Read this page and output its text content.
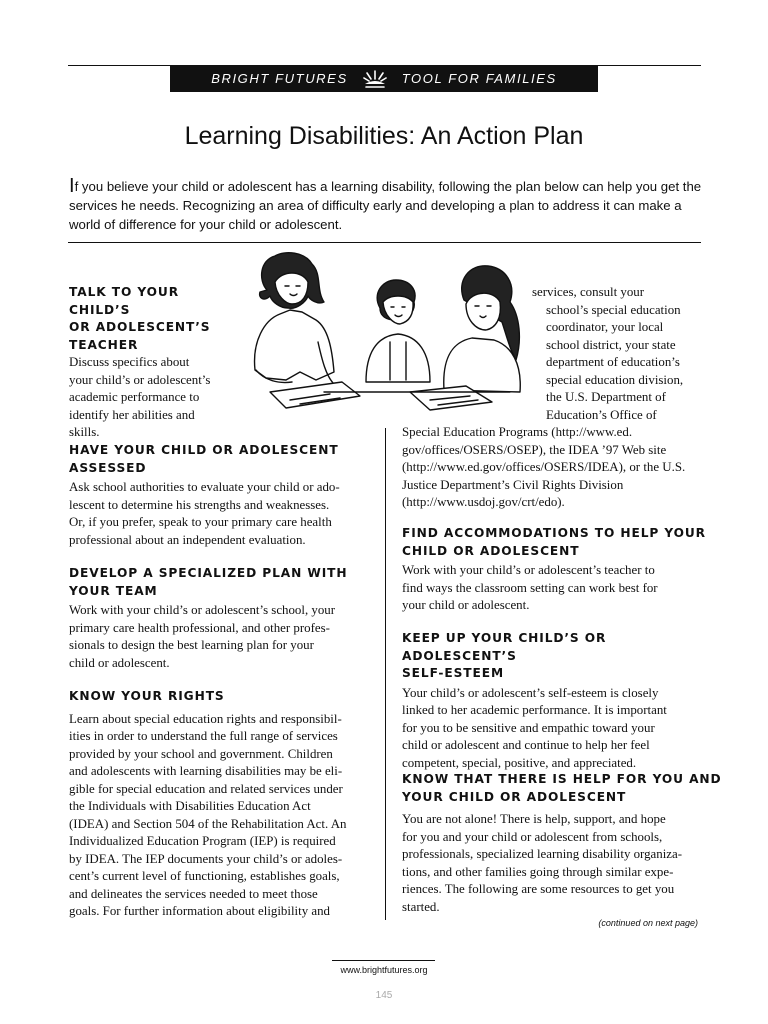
BRIGHT FUTURES	TOOL FOR FAMILIES
Learning Disabilities: An Action Plan
If you believe your child or adolescent has a learning disability, following the plan below can help you get the services he needs. Recognizing an area of difficulty early and developing a plan to address it can make a world of difference for your child or adolescent.

TALK TO YOUR CHILD’S
OR ADOLESCENT’S
TEACHER

Discuss specifics about
your child’s or adolescent’s
academic performance to
identify her abilities and
skills.

HAVE YOUR CHILD OR ADOLESCENT
ASSESSED

Ask school authorities to evaluate your child or ado-
lescent to determine his strengths and weaknesses.
Or, if you prefer, speak to your primary care health
professional about an independent evaluation.

DEVELOP A SPECIALIZED PLAN WITH
YOUR TEAM

Work with your child’s or adolescent’s school, your
primary care health professional, and other profes-
sionals to design the best learning plan for your
child or adolescent.

KNOW YOUR RIGHTS

Learn about special education rights and responsibil-
ities in order to understand the full range of services
provided by your school and government. Children
and adolescents with learning disabilities may be eli-
gible for special education and related services under
the Individuals with Disabilities Education Act
(IDEA) and Section 504 of the Rehabilitation Act. An
Individualized Education Program (IEP) is required
by IDEA. The IEP documents your child’s or adoles-
cent’s current level of functioning, establishes goals,
and delineates the services needed to meet those
goals. For further information about eligibility and

services, consult your
school’s special education
coordinator, your local
school district, your state
department of education’s
special education division,
the U.S. Department of
Education’s Office of

Special Education Programs (http://www.ed.
gov/offices/OSERS/OSEP), the IDEA ’97 Web site
(http://www.ed.gov/offices/OSERS/IDEA), or the U.S.
Justice Department’s Civil Rights Division
(http://www.usdoj.gov/crt/edo).

FIND ACCOMMODATIONS TO HELP YOUR
CHILD OR ADOLESCENT

Work with your child’s or adolescent’s teacher to
find ways the classroom setting can work best for
your child or adolescent.

KEEP UP YOUR CHILD’S OR ADOLESCENT’S
SELF-ESTEEM

Your child’s or adolescent’s self-esteem is closely
linked to her academic performance. It is important
for you to be sensitive and empathic toward your
child or adolescent and continue to help her feel
competent, special, positive, and appreciated.

KNOW THAT THERE IS HELP FOR YOU AND
YOUR CHILD OR ADOLESCENT

You are not alone! There is help, support, and hope
for you and your child or adolescent from schools,
professionals, specialized learning disability organiza-
tions, and other families going through similar expe-
riences. The following are some resources to get you
started.

(continued on next page)
www.brightfutures.org
145
